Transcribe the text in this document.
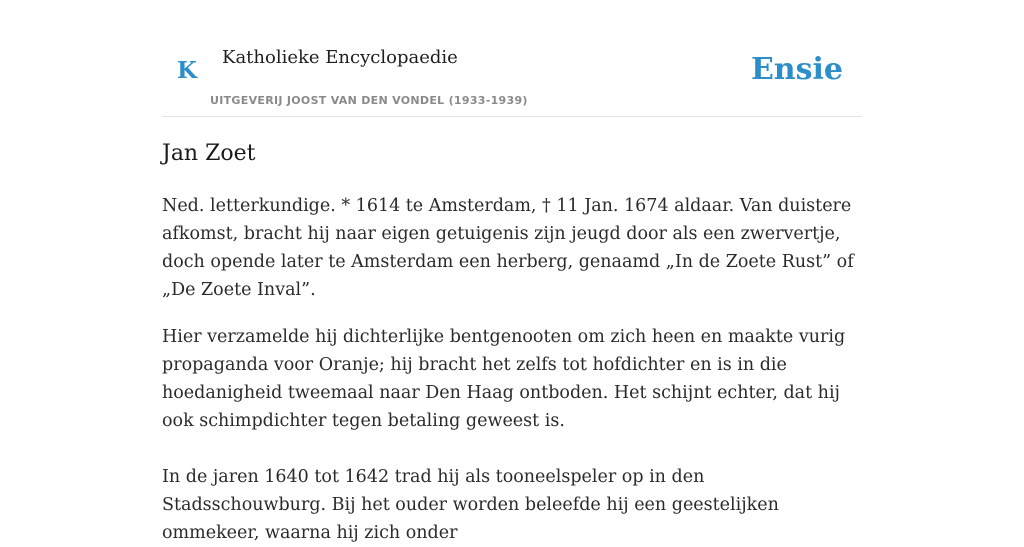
K Katholieke Encyclopaedie
UITGEVERIJ JOOST VAN DEN VONDEL (1933-1939)
Ensie
Jan Zoet

Ned. letterkundige. * 1614 te Amsterdam, † 11 Jan. 1674 aldaar. Van duistere afkomst, bracht hij naar eigen getuigenis zijn jeugd door als een zwervertje, doch opende later te Amsterdam een herberg, genaamd „In de Zoete Rust” of „De Zoete Inval”.

Hier verzamelde hij dichterlijke bentgenooten om zich heen en maakte vurig propaganda voor Oranje; hij bracht het zelfs tot hofdichter en is in die hoedanigheid tweemaal naar Den Haag ontboden. Het schijnt echter, dat hij ook schimpdichter tegen betaling geweest is.

In de jaren 1640 tot 1642 trad hij als tooneelspeler op in den Stadsschouwburg. Bij het ouder worden beleefde hij een geestelijken ommekeer, waarna hij zich onder
